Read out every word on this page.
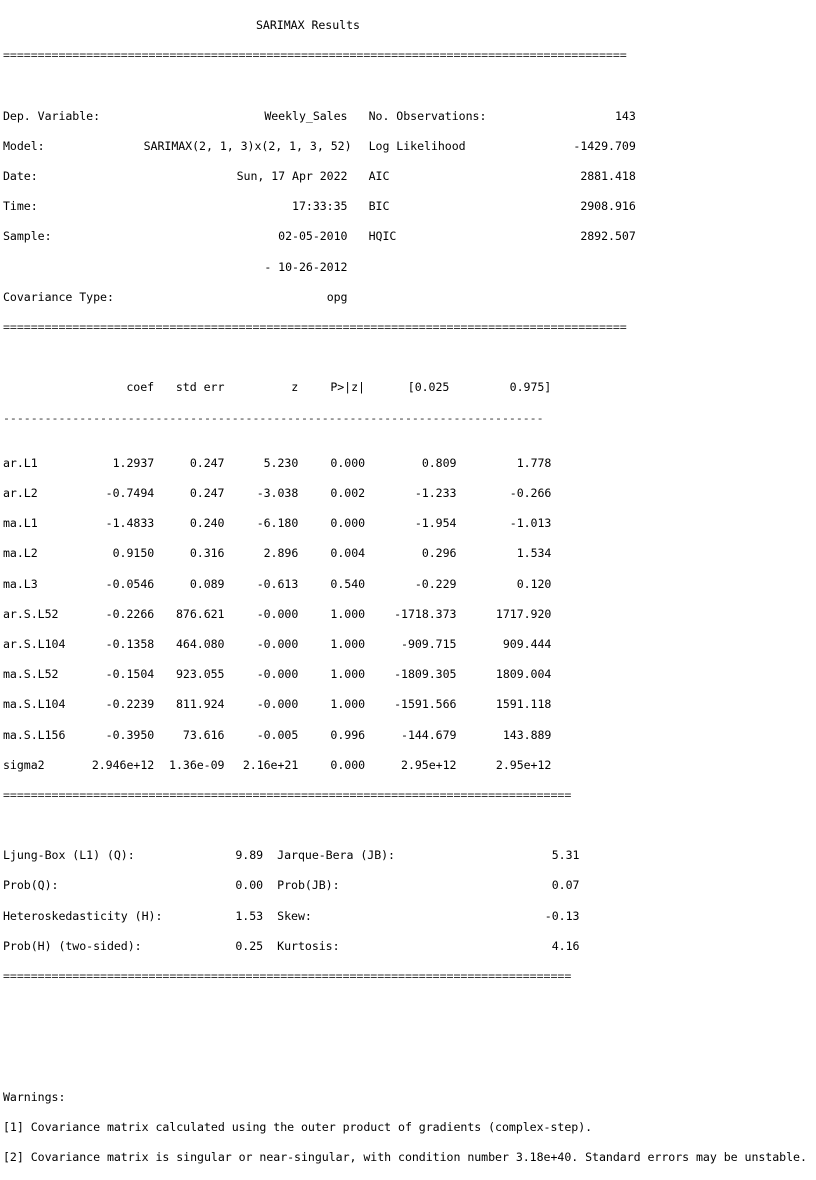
SARIMAX Results

==========================================================================================

Dep. Variable:	Weekly_Sales No. Observations:	143

Model:	SARIMAX(2, 1, 3)x(2, 1, 3, 52) Log Likelihood	-1429.709

Date:	Sun, 17 Apr 2022 AIC	2881.418

Time:	17:33:35 BIC	2908.916

Sample:	02-05-2010 HQIC	2892.507

- 10-26-2012

Covariance Type:	opg

==========================================================================================

coef std err	z	P>|z|	[0.025	0.975]

------------------------------------------------------------------------------

ar.L1	1.2937	0.247	5.230	0.000	0.809	1.778

ar.L2	-0.7494	0.247	-3.038	0.002	-1.233	-0.266

ma.L1	-1.4833	0.240	-6.180	0.000	-1.954	-1.013

ma.L2	0.9150	0.316	2.896	0.004	0.296	1.534

ma.L3	-0.0546	0.089	-0.613	0.540	-0.229	0.120

ar.S.L52	-0.2266 876.621	-0.000	1.000	-1718.373	1717.920

ar.S.L104	-0.1358 464.080	-0.000	1.000	-909.715	909.444

ma.S.L52	-0.1504 923.055	-0.000	1.000	-1809.305	1809.004

ma.S.L104	-0.2239 811.924	-0.000	1.000	-1591.566	1591.118

ma.S.L156	-0.3950 73.616	-0.005	0.996	-144.679	143.889

sigma2	2.946e+12 1.36e-09 2.16e+21	0.000	2.95e+12	2.95e+12

==================================================================================

Ljung-Box (L1) (Q):	9.89 Jarque-Bera (JB):	5.31

Prob(Q):	0.00 Prob(JB):	0.07

Heteroskedasticity (H):	1.53 Skew:	-0.13

Prob(H) (two-sided):	0.25 Kurtosis:	4.16

==================================================================================

Warnings:

[1] Covariance matrix calculated using the outer product of gradients (complex-step).

[2] Covariance matrix is singular or near-singular, with condition number 3.18e+40. Standard errors may be unstable.
